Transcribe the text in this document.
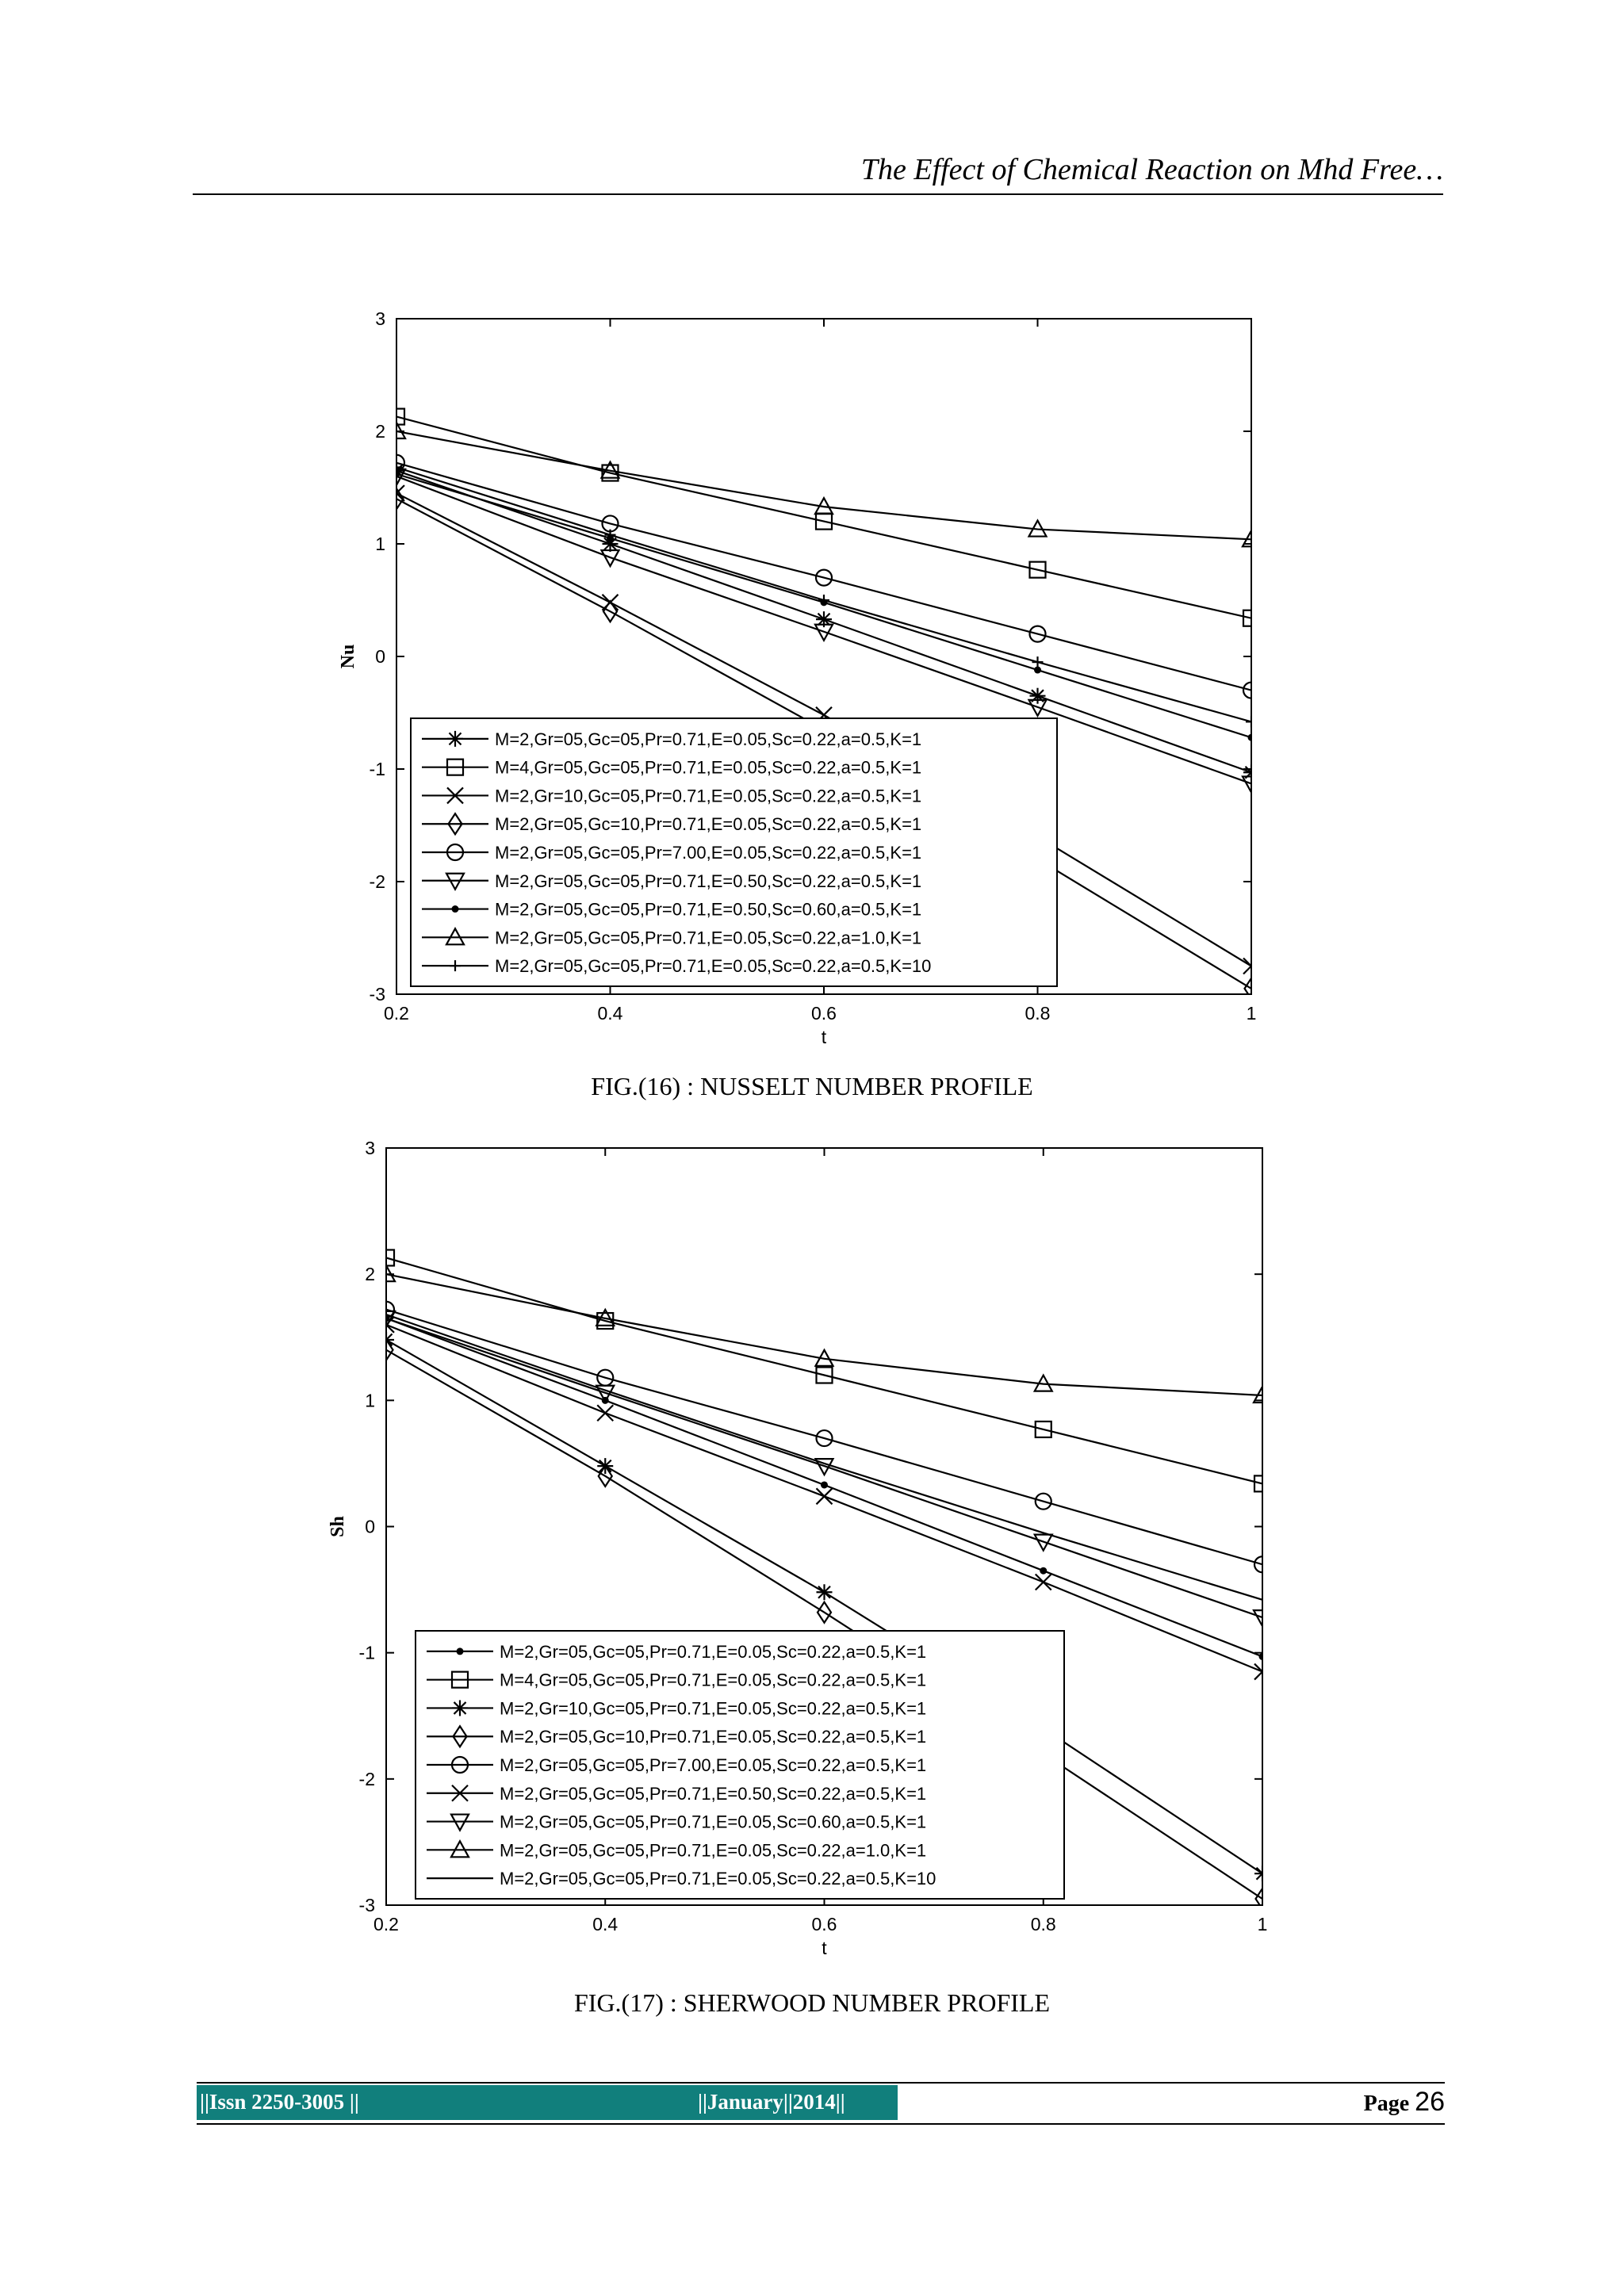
The Effect of Chemical Reaction on Mhd Free…
0.2	0.4	0.6	0.8	1
-3
-2
-1
0
1
2
3
t
Nu
M=2,Gr=05,Gc=05,Pr=0.71,E=0.05,Sc=0.22,a=0.5,K=1
M=4,Gr=05,Gc=05,Pr=0.71,E=0.05,Sc=0.22,a=0.5,K=1
M=2,Gr=10,Gc=05,Pr=0.71,E=0.05,Sc=0.22,a=0.5,K=1
M=2,Gr=05,Gc=10,Pr=0.71,E=0.05,Sc=0.22,a=0.5,K=1
M=2,Gr=05,Gc=05,Pr=7.00,E=0.05,Sc=0.22,a=0.5,K=1
M=2,Gr=05,Gc=05,Pr=0.71,E=0.50,Sc=0.22,a=0.5,K=1
M=2,Gr=05,Gc=05,Pr=0.71,E=0.50,Sc=0.60,a=0.5,K=1
M=2,Gr=05,Gc=05,Pr=0.71,E=0.05,Sc=0.22,a=1.0,K=1
M=2,Gr=05,Gc=05,Pr=0.71,E=0.05,Sc=0.22,a=0.5,K=10
FIG.(16) : NUSSELT NUMBER PROFILE
0.2	0.4	0.6	0.8	1
-3
-2
-1
0
1
2
3
t
Sh
M=2,Gr=05,Gc=05,Pr=0.71,E=0.05,Sc=0.22,a=0.5,K=1
M=4,Gr=05,Gc=05,Pr=0.71,E=0.05,Sc=0.22,a=0.5,K=1
M=2,Gr=10,Gc=05,Pr=0.71,E=0.05,Sc=0.22,a=0.5,K=1
M=2,Gr=05,Gc=10,Pr=0.71,E=0.05,Sc=0.22,a=0.5,K=1
M=2,Gr=05,Gc=05,Pr=7.00,E=0.05,Sc=0.22,a=0.5,K=1
M=2,Gr=05,Gc=05,Pr=0.71,E=0.50,Sc=0.22,a=0.5,K=1
M=2,Gr=05,Gc=05,Pr=0.71,E=0.05,Sc=0.60,a=0.5,K=1
M=2,Gr=05,Gc=05,Pr=0.71,E=0.05,Sc=0.22,a=1.0,K=1
M=2,Gr=05,Gc=05,Pr=0.71,E=0.05,Sc=0.22,a=0.5,K=10
FIG.(17) : SHERWOOD NUMBER PROFILE
||Issn 2250-3005 ||	||January||2014||	Page 26
